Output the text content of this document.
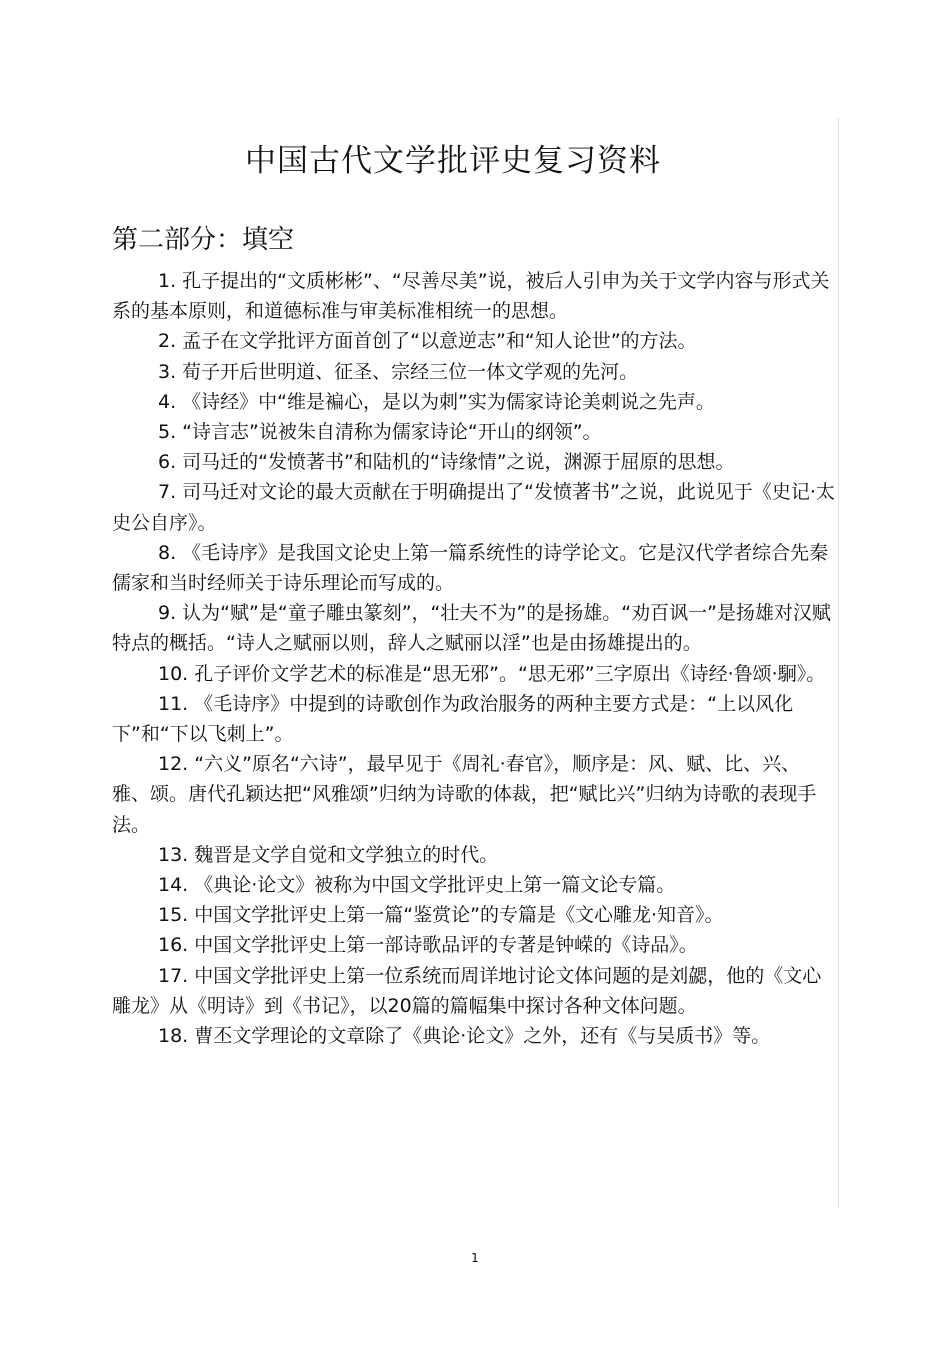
中国古代文学批评史复习资料
第二部分：填空

1. 孔子提出的“文质彬彬”、“尽善尽美”说，被后人引申为关于文学内容与形式关系的基本原则，和道德标准与审美标准相统一的思想。

2. 孟子在文学批评方面首创了“以意逆志”和“知人论世”的方法。

3. 荀子开后世明道、征圣、宗经三位一体文学观的先河。

4. 《诗经》中“维是褊心，是以为刺”实为儒家诗论美刺说之先声。

5. “诗言志”说被朱自清称为儒家诗论“开山的纲领”。

6. 司马迁的“发愤著书”和陆机的“诗缘情”之说，渊源于屈原的思想。

7. 司马迁对文论的最大贡献在于明确提出了“发愤著书”之说，此说见于《史记·太史公自序》。

8. 《毛诗序》是我国文论史上第一篇系统性的诗学论文。它是汉代学者综合先秦儒家和当时经师关于诗乐理论而写成的。

9. 认为“赋”是“童子雕虫篆刻”，“壮夫不为”的是扬雄。“劝百讽一”是扬雄对汉赋特点的概括。“诗人之赋丽以则，辞人之赋丽以淫”也是由扬雄提出的。

10. 孔子评价文学艺术的标准是“思无邪”。“思无邪”三字原出《诗经·鲁颂·駉》。

11. 《毛诗序》中提到的诗歌创作为政治服务的两种主要方式是：“上以风化下”和“下以飞刺上”。

12. “六义”原名“六诗”，最早见于《周礼·春官》，顺序是：风、赋、比、兴、雅、颂。唐代孔颖达把“风雅颂”归纳为诗歌的体裁，把“赋比兴”归纳为诗歌的表现手法。

13. 魏晋是文学自觉和文学独立的时代。

14. 《典论·论文》被称为中国文学批评史上第一篇文论专篇。

15. 中国文学批评史上第一篇“鉴赏论”的专篇是《文心雕龙·知音》。

16. 中国文学批评史上第一部诗歌品评的专著是钟嵘的《诗品》。

17. 中国文学批评史上第一位系统而周详地讨论文体问题的是刘勰，他的《文心雕龙》从《明诗》到《书记》，以20篇的篇幅集中探讨各种文体问题。

18. 曹丕文学理论的文章除了《典论·论文》之外，还有《与吴质书》等。

1
